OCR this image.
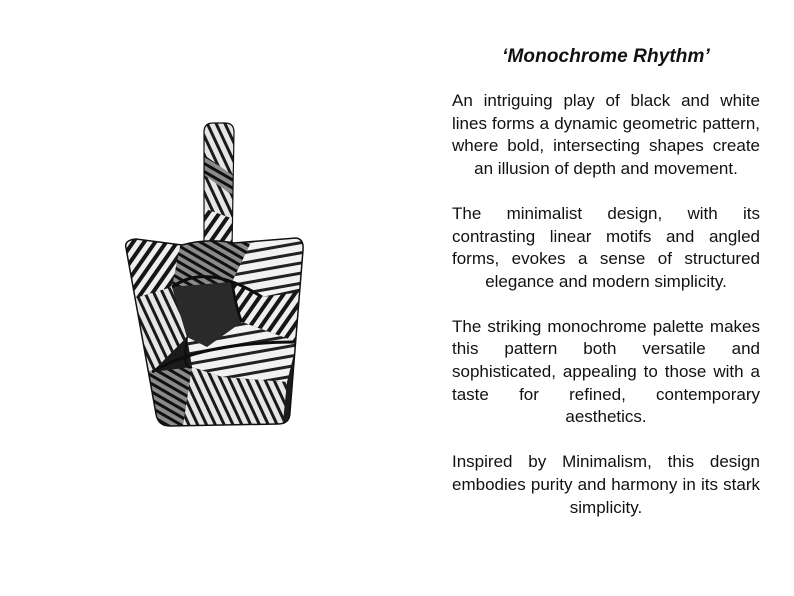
‘Monochrome Rhythm’

An intriguing play of black and white lines forms a dynamic geometric pattern, where bold, intersecting shapes create an illusion of depth and movement.

The minimalist design, with its contrasting linear motifs and angled forms, evokes a sense of structured elegance and modern simplicity.

The striking monochrome palette makes this pattern both versatile and sophisticated, appealing to those with a taste for refined, contemporary aesthetics.

Inspired by Minimalism, this design embodies purity and harmony in its stark simplicity.
